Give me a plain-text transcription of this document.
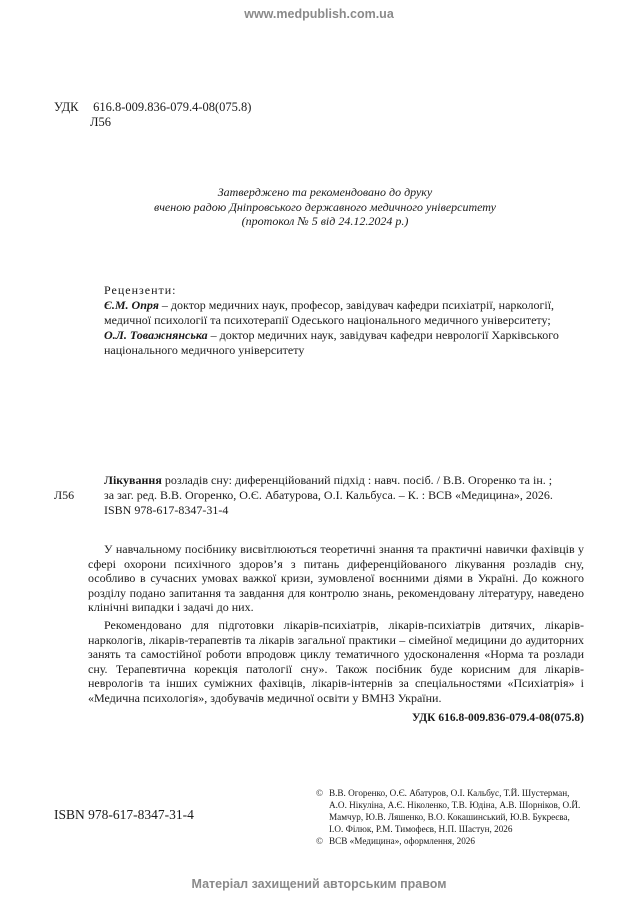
www.medpublish.com.ua
УДК 616.8-009.836-079.4-08(075.8)
Л56
Затверджено та рекомендовано до друку
вченою радою Дніпровського державного медичного університету
(протокол № 5 від 24.12.2024 р.)
Рецензенти:
Є.М. Опря – доктор медичних наук, професор, завідувач кафедри психіатрії, наркології, медичної психології та психотерапії Одеського національного медичного університету;
О.Л. Товажнянська – доктор медичних наук, завідувач кафедри неврології Харківського національного медичного університету
Лікування розладів сну: диференційований підхід : навч. посіб. / В.В. Огоренко та ін. ;
Л56 за заг. ред. В.В. Огоренко, О.Є. Абатурова, О.І. Кальбуса. – К. : ВСВ «Медицина», 2026.
ISBN 978-617-8347-31-4

У навчальному посібнику висвітлюються теоретичні знання та практичні навички фахівців у сфері охорони психічного здоров’я з питань диференційованого лікування розладів сну, особливо в сучасних умовах важкої кризи, зумовленої воєнними діями в Україні. До кожного розділу подано запитання та завдання для контролю знань, рекомендовану літературу, наведено клінічні випадки і задачі до них.

Рекомендовано для підготовки лікарів-психіатрів, лікарів-психіатрів дитячих, лікарів-наркологів, лікарів-терапевтів та лікарів загальної практики – сімейної медицини до аудиторних занять та самостійної роботи впродовж циклу тематичного удосконалення «Норма та розлади сну. Терапевтична корекція патології сну». Також посібник буде корисним для лікарів-неврологів та інших суміжних фахівців, лікарів-інтернів за спеціальностями «Психіатрія» і «Медична психологія», здобувачів медичної освіти у ВМНЗ України.

УДК 616.8-009.836-079.4-08(075.8)
ISBN 978-617-8347-31-4
© В.В. Огоренко, О.Є. Абатуров, О.І. Кальбус, Т.Й. Шустерман, А.О. Нікуліна, А.Є. Ніколенко, Т.В. Юдіна, А.В. Шорніков, О.Й. Мамчур, Ю.В. Ляшенко, В.О. Кокашинський, Ю.В. Букреєва, І.О. Філюк, Р.М. Тимофеєв, Н.П. Шастун, 2026
© ВСВ «Медицина», оформлення, 2026
Матеріал захищений авторським правом
